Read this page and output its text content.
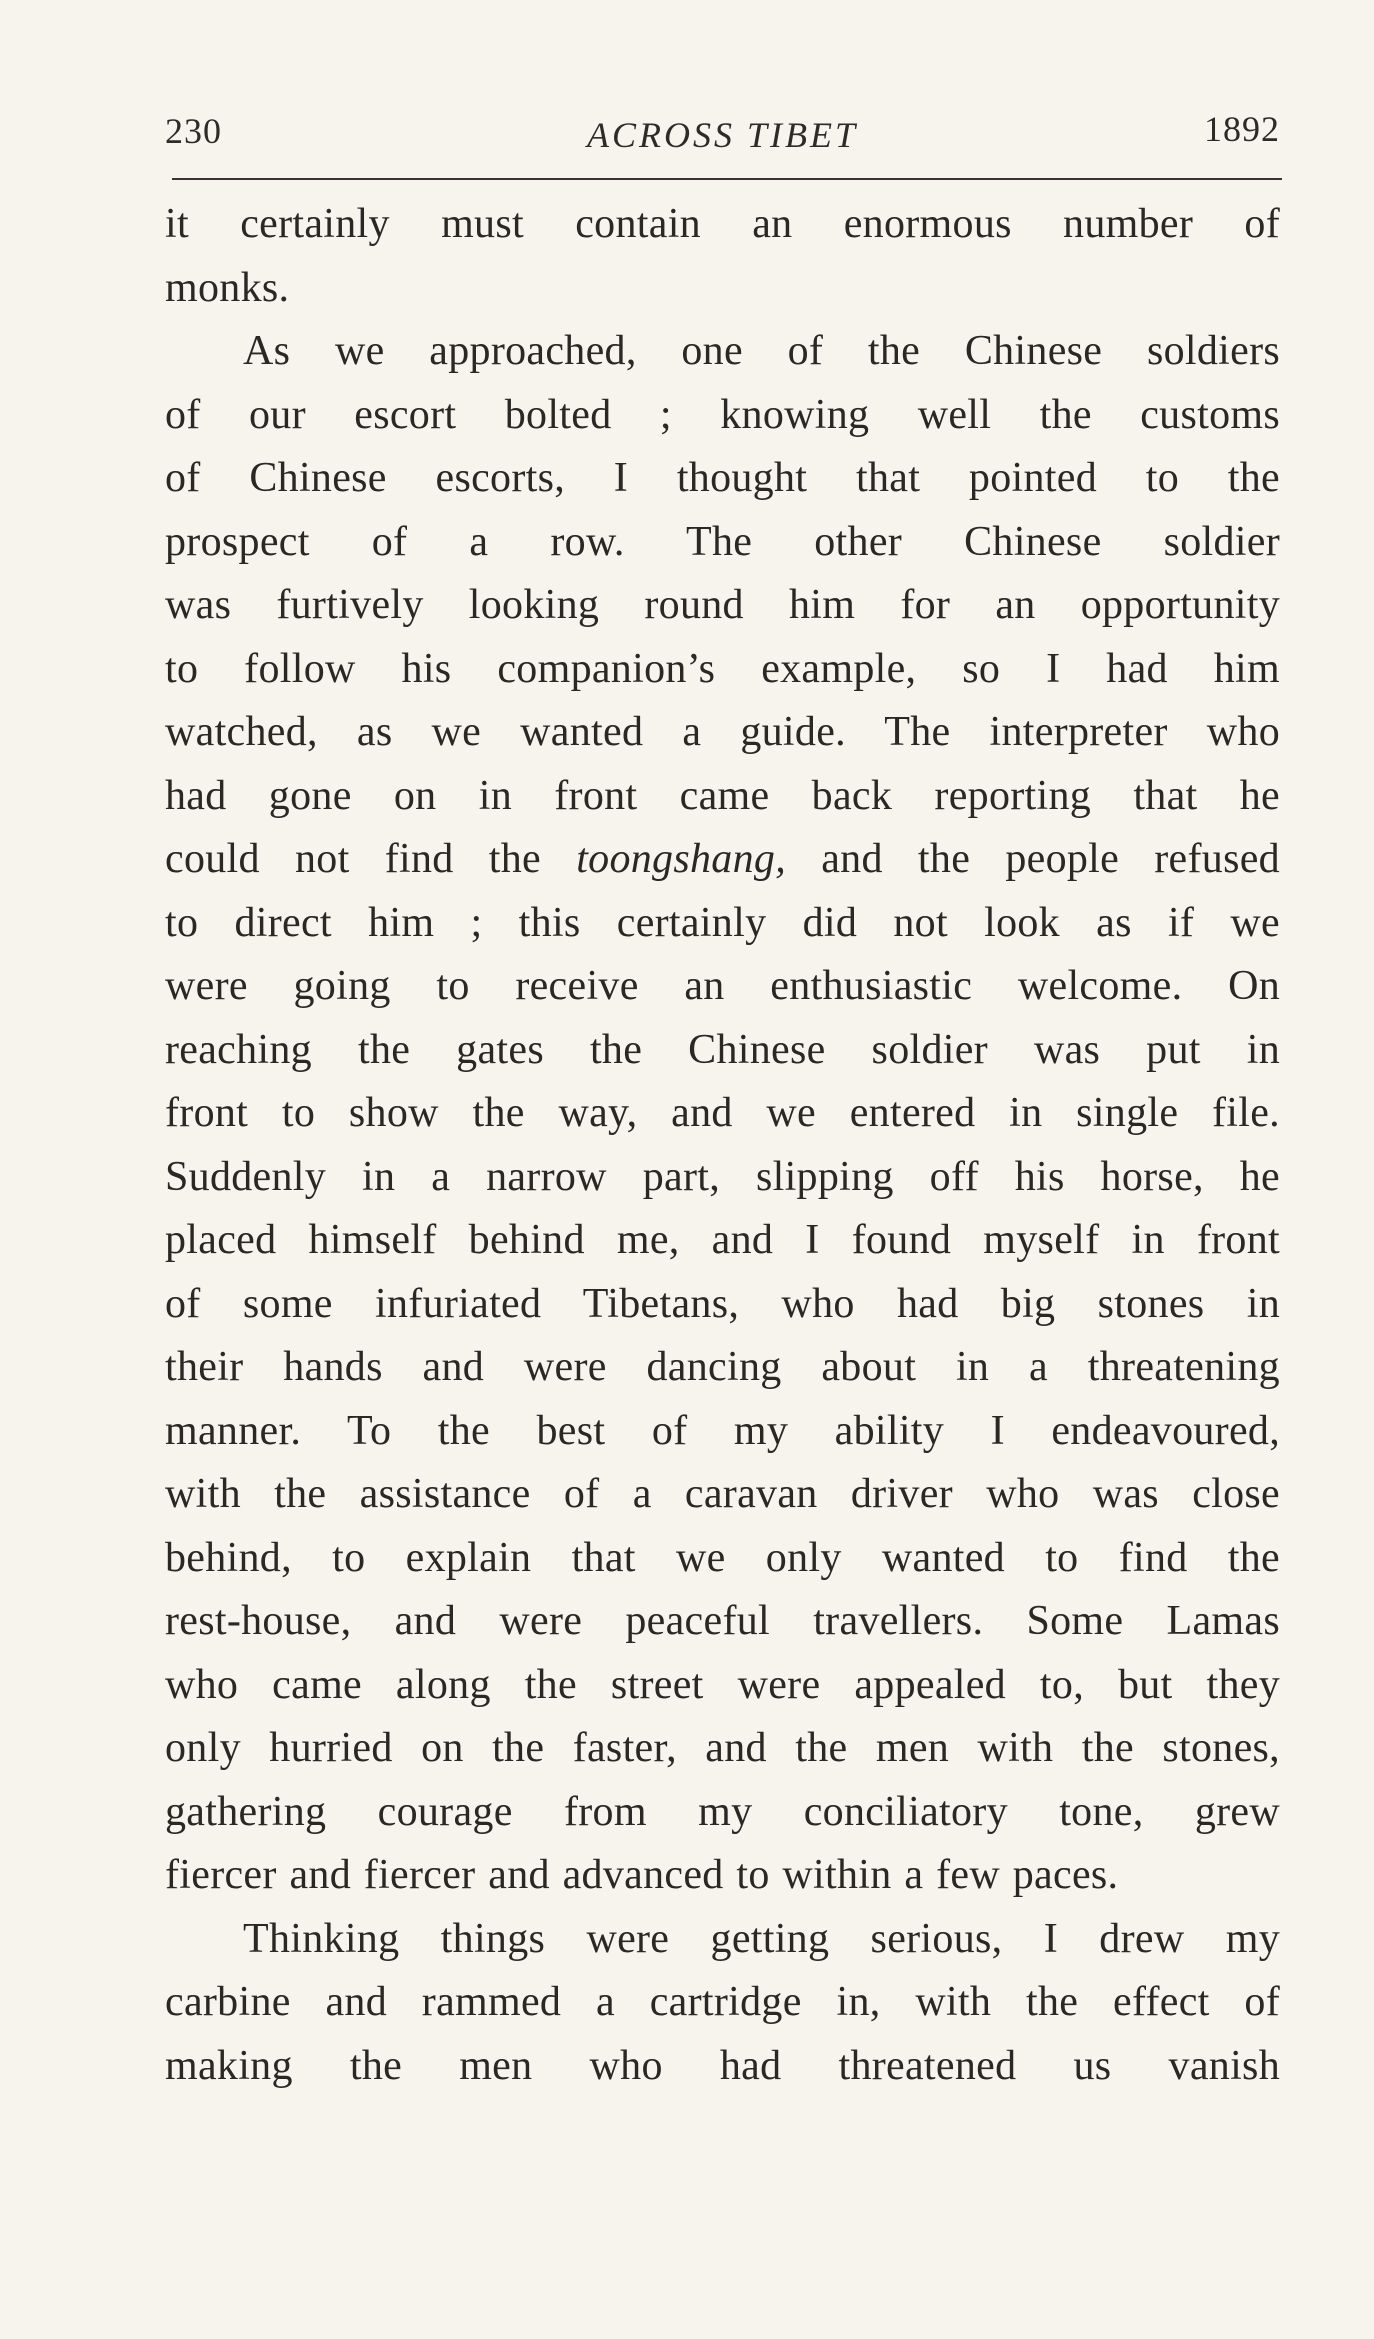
230	ACROSS TIBET	1892
it certainly must contain an enormous number of
monks.
As we approached, one of the Chinese soldiers
of our escort bolted ; knowing well the customs
of Chinese escorts, I thought that pointed to the
prospect of a row. The other Chinese soldier
was furtively looking round him for an opportunity
to follow his companion’s example, so I had him
watched, as we wanted a guide. The interpreter who
had gone on in front came back reporting that he
could not find the toongshang, and the people refused
to direct him ; this certainly did not look as if we
were going to receive an enthusiastic welcome. On
reaching the gates the Chinese soldier was put in
front to show the way, and we entered in single file.
Suddenly in a narrow part, slipping off his horse, he
placed himself behind me, and I found myself in front
of some infuriated Tibetans, who had big stones in
their hands and were dancing about in a threatening
manner. To the best of my ability I endeavoured,
with the assistance of a caravan driver who was close
behind, to explain that we only wanted to find the
rest-house, and were peaceful travellers. Some Lamas
who came along the street were appealed to, but they
only hurried on the faster, and the men with the stones,
gathering courage from my conciliatory tone, grew
fiercer and fiercer and advanced to within a few paces.
Thinking things were getting serious, I drew my
carbine and rammed a cartridge in, with the effect of
making the men who had threatened us vanish
